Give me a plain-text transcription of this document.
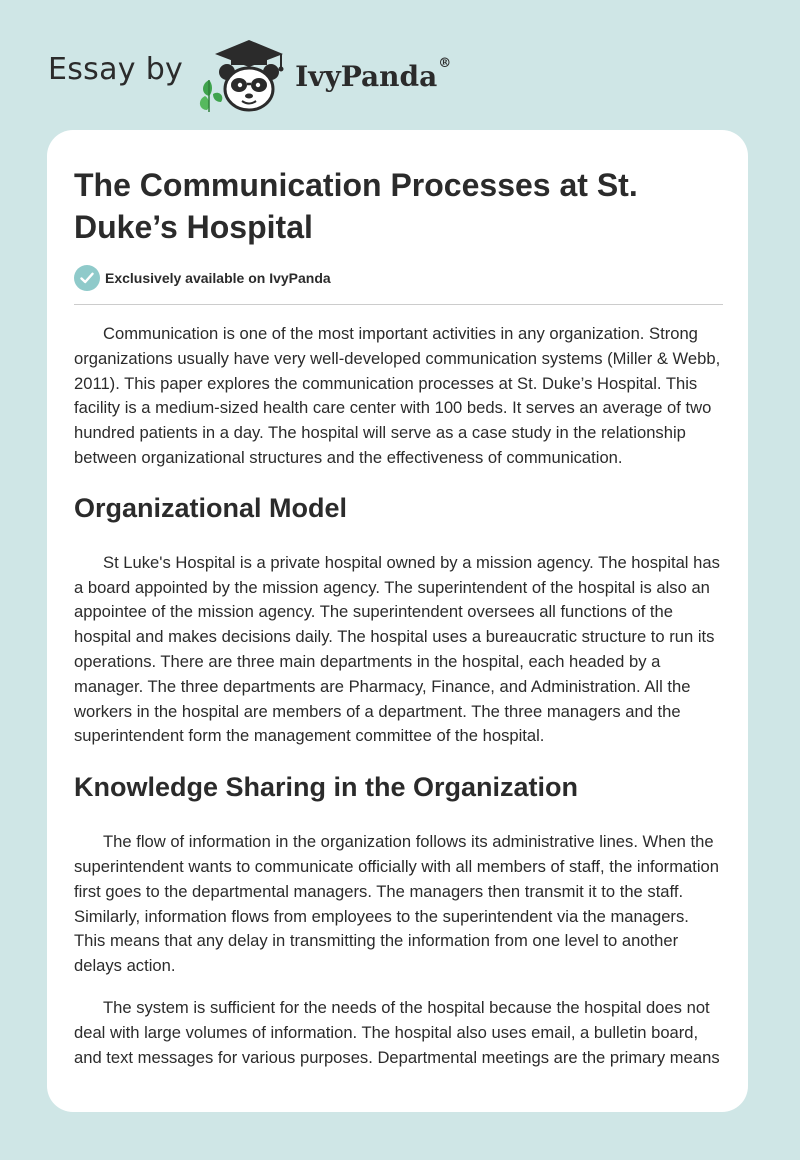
Essay by	IvyPanda®
The Communication Processes at St. Duke’s Hospital
Exclusively available on IvyPanda

Communication is one of the most important activities in any organization. Strong organizations usually have very well-developed communication systems (Miller & Webb, 2011). This paper explores the communication processes at St. Duke’s Hospital. This facility is a medium-sized health care center with 100 beds. It serves an average of two hundred patients in a day. The hospital will serve as a case study in the relationship between organizational structures and the effectiveness of communication.

Organizational Model

St Luke's Hospital is a private hospital owned by a mission agency. The hospital has a board appointed by the mission agency. The superintendent of the hospital is also an appointee of the mission agency. The superintendent oversees all functions of the hospital and makes decisions daily. The hospital uses a bureaucratic structure to run its operations. There are three main departments in the hospital, each headed by a manager. The three departments are Pharmacy, Finance, and Administration. All the workers in the hospital are members of a department. The three managers and the superintendent form the management committee of the hospital.

Knowledge Sharing in the Organization

The flow of information in the organization follows its administrative lines. When the superintendent wants to communicate officially with all members of staff, the information first goes to the departmental managers. The managers then transmit it to the staff. Similarly, information flows from employees to the superintendent via the managers. This means that any delay in transmitting the information from one level to another delays action.

The system is sufficient for the needs of the hospital because the hospital does not deal with large volumes of information. The hospital also uses email, a bulletin board, and text messages for various purposes. Departmental meetings are the primary means
